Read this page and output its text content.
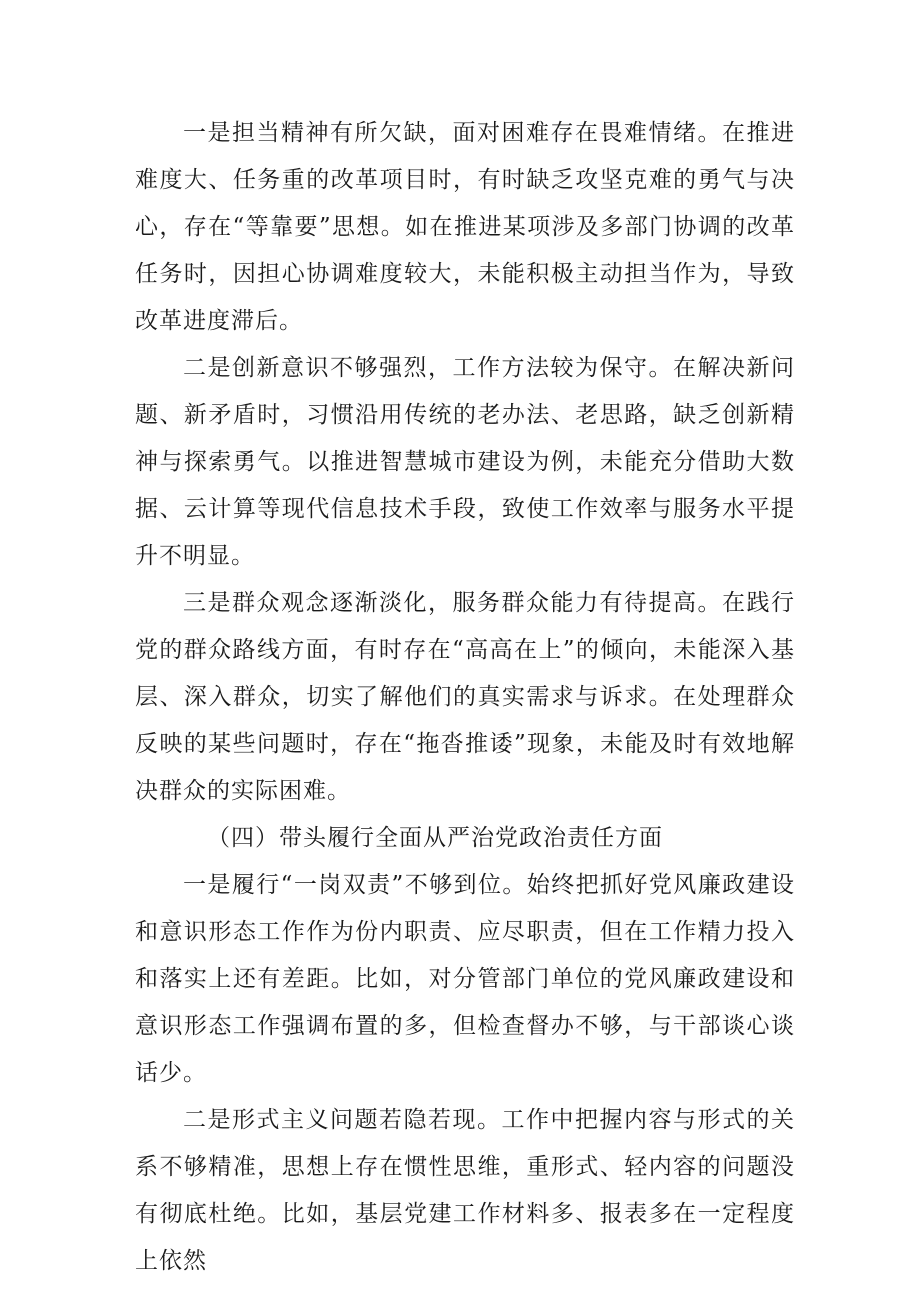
一是担当精神有所欠缺，面对困难存在畏难情绪。在推进难度大、任务重的改革项目时，有时缺乏攻坚克难的勇气与决心，存在“等靠要”思想。如在推进某项涉及多部门协调的改革任务时，因担心协调难度较大，未能积极主动担当作为，导致改革进度滞后。

二是创新意识不够强烈，工作方法较为保守。在解决新问题、新矛盾时，习惯沿用传统的老办法、老思路，缺乏创新精神与探索勇气。以推进智慧城市建设为例，未能充分借助大数据、云计算等现代信息技术手段，致使工作效率与服务水平提升不明显。

三是群众观念逐渐淡化，服务群众能力有待提高。在践行党的群众路线方面，有时存在“高高在上”的倾向，未能深入基层、深入群众，切实了解他们的真实需求与诉求。在处理群众反映的某些问题时，存在“拖沓推诿”现象，未能及时有效地解决群众的实际困难。

（四）带头履行全面从严治党政治责任方面

一是履行“一岗双责”不够到位。始终把抓好党风廉政建设和意识形态工作作为份内职责、应尽职责，但在工作精力投入和落实上还有差距。比如，对分管部门单位的党风廉政建设和意识形态工作强调布置的多，但检查督办不够，与干部谈心谈话少。

二是形式主义问题若隐若现。工作中把握内容与形式的关系不够精准，思想上存在惯性思维，重形式、轻内容的问题没有彻底杜绝。比如，基层党建工作材料多、报表多在一定程度上依然
